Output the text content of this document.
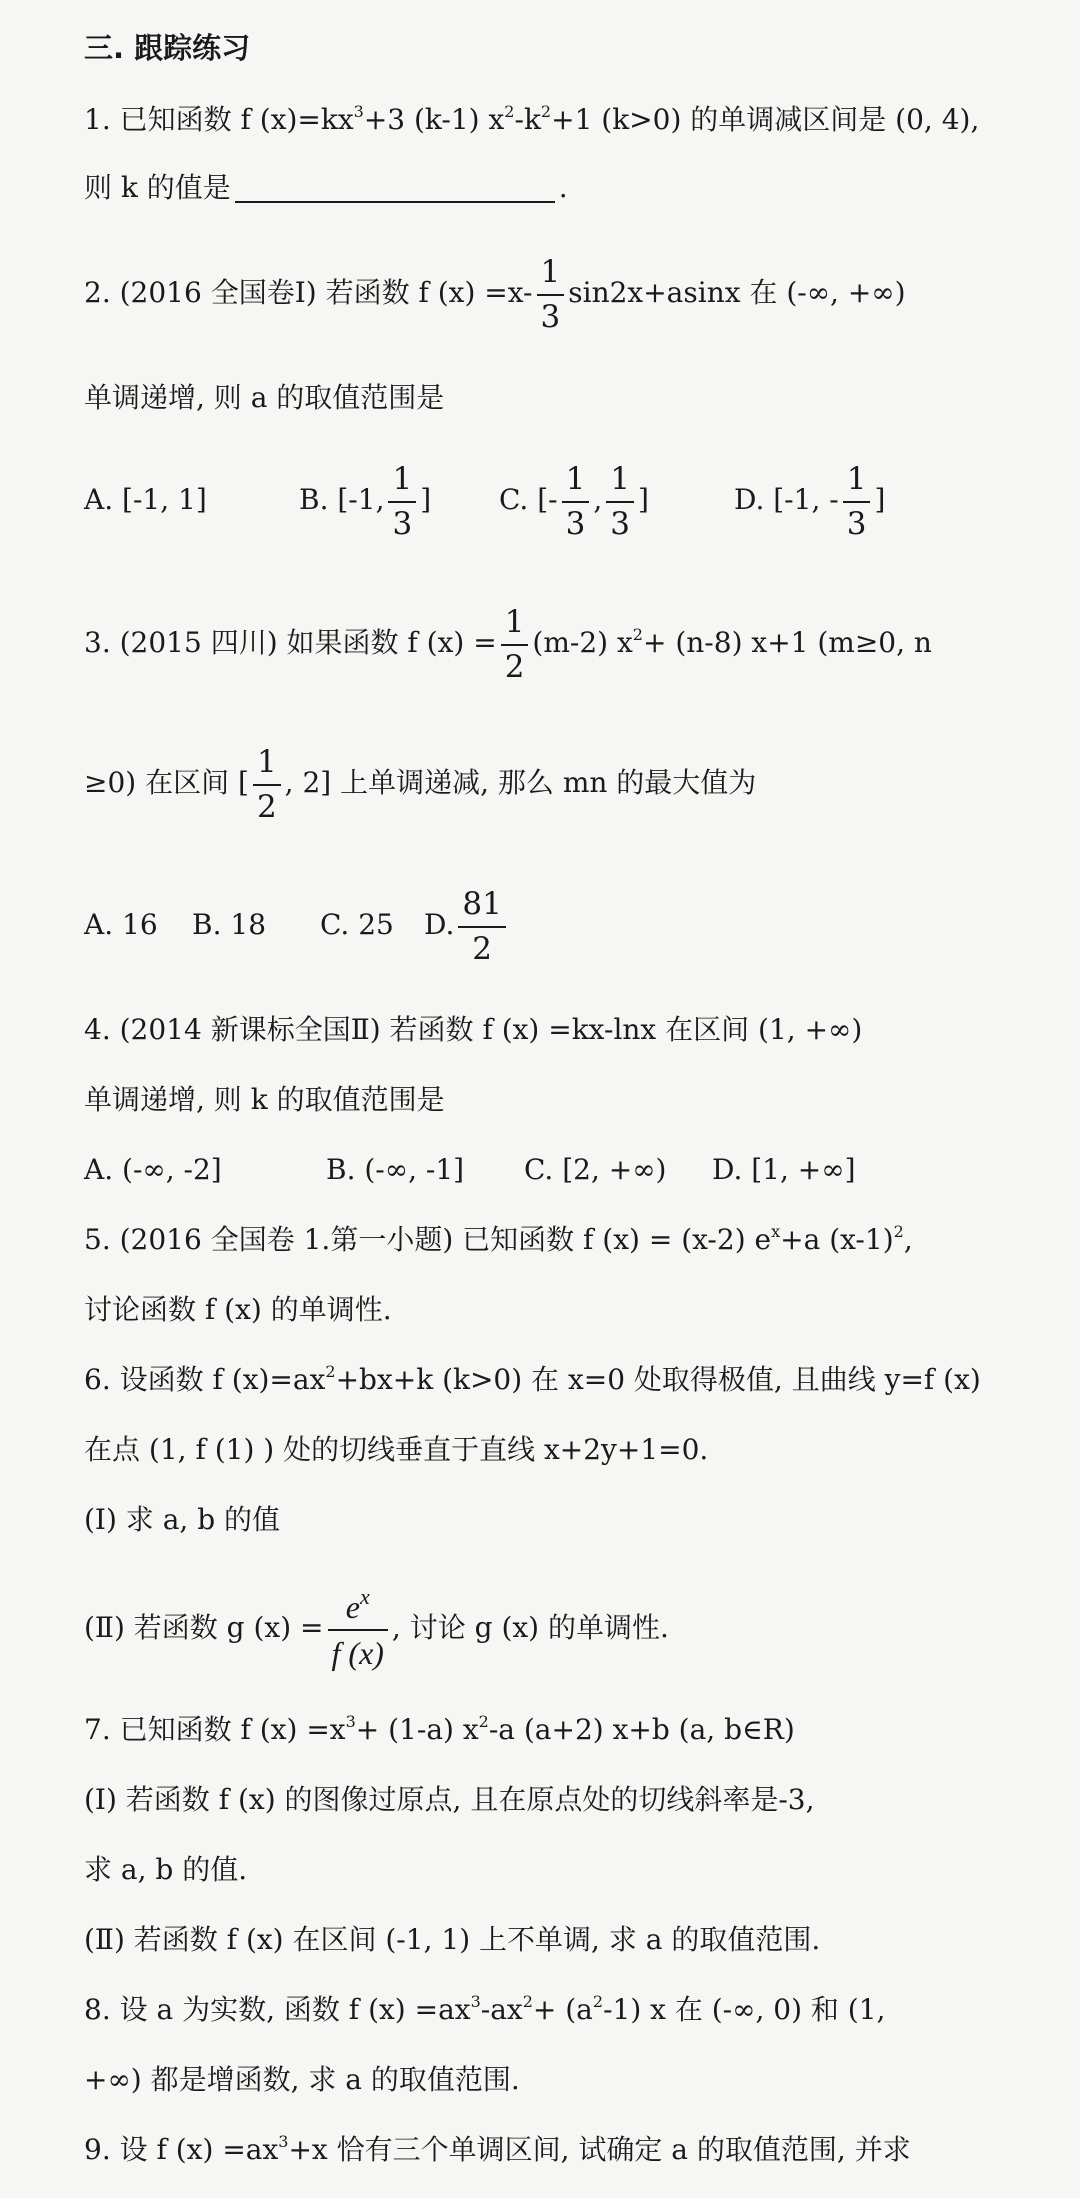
三. 跟踪练习
1. 已知函数 f $(x)=kx^3+3$ (k-1) $x^2-k^2+1$ (k>0) 的单调减区间是 (0, 4),
则 k 的值是	.
2. (2016 全国卷Ⅰ) 若函数 f $(x) =x- \frac{1}{3} \sin 2x+asinx$ 在 (-∞, +∞)
单调递增, 则 a 的取值范围是
A. [-1, 1]	B. [-1, $\frac{1}{3}$ ] C. [- $\frac{1}{3}$ , $\frac{1}{3}$ ]	D. [-1, - $\frac{1}{3}$ ]
3. (2015 四川) 如果函数 f $(x) = \frac{1}{2} (m-2)$ $x^2+ (n-8)$ x+1 (m≥0, n
≥0) 在区间 [ $\frac{1}{2}$ , 2] 上单调递减, 那么 mn 的最大值为
A. 16 B. 18 C. 25 D. $\frac{81}{2}$
4. (2014 新课标全国Ⅱ) 若函数 f (x) =kx-lnx 在区间 (1, +∞)
单调递增, 则 k 的取值范围是
A. (-∞, -2]	B. (-∞, -1] C. [2, +∞) D. [1, +∞]
5. (2016 全国卷 1.第一小题) 已知函数 f (x) = (x-2) $e^x+a$ $(x-1)^2$,
讨论函数 f (x) 的单调性.
6. 设函数 f $(x)=ax^2+bx+k$ (k>0) 在 x=0 处取得极值, 且曲线 y=f (x)
在点 (1, f (1) ) 处的切线垂直于直线 x+2y+1=0.
(Ⅰ) 求 a, b 的值
(Ⅱ) 若函数 g $(x) = \frac{e^x}{f (x)}$ , 讨论 g (x) 的单调性.
7. 已知函数 f $(x) =x^3+ (1-a)$ $x^2-a$ (a+2) x+b (a, b∈R)
(Ⅰ) 若函数 f (x) 的图像过原点, 且在原点处的切线斜率是-3,
求 a, b 的值.
(Ⅱ) 若函数 f (x) 在区间 (-1, 1) 上不单调, 求 a 的取值范围.
8. 设 a 为实数, 函数 f $(x) =ax^3-ax^2+ (a^2-1)$ x 在 (-∞, 0) 和 (1,
+∞) 都是增函数, 求 a 的取值范围.
9. 设 f $(x) =ax^3+x$ 恰有三个单调区间, 试确定 a 的取值范围, 并求
